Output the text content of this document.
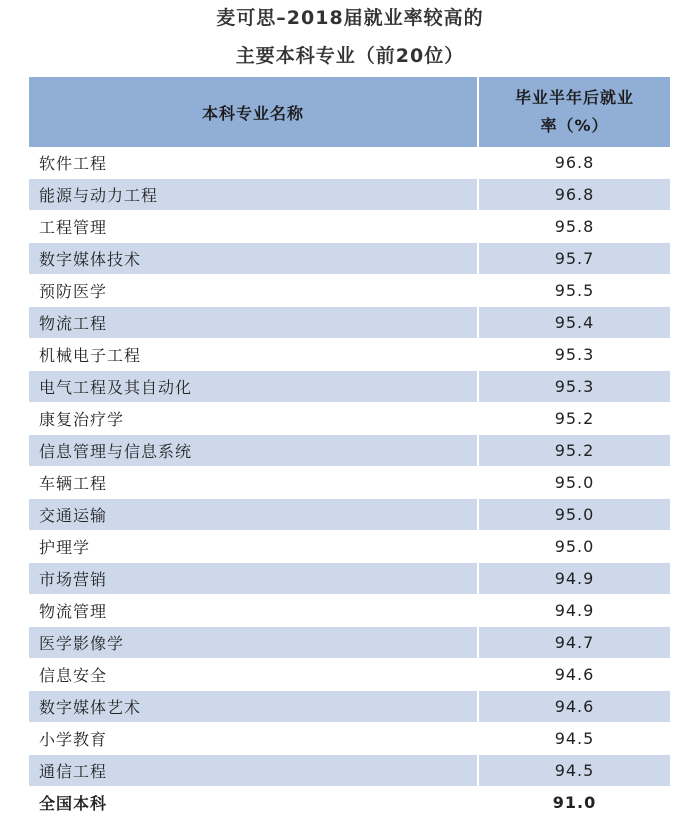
麦可思–2018届就业率较高的
主要本科专业（前20位）
本科专业名称	毕业半年后就业
率（%）

软件工程	96.8
能源与动力工程	96.8
工程管理	95.8
数字媒体技术	95.7
预防医学	95.5
物流工程	95.4
机械电子工程	95.3
电气工程及其自动化	95.3
康复治疗学	95.2
信息管理与信息系统	95.2
车辆工程	95.0
交通运输	95.0
护理学	95.0
市场营销	94.9
物流管理	94.9
医学影像学	94.7
信息安全	94.6
数字媒体艺术	94.6
小学教育	94.5
通信工程	94.5
全国本科	91.0
